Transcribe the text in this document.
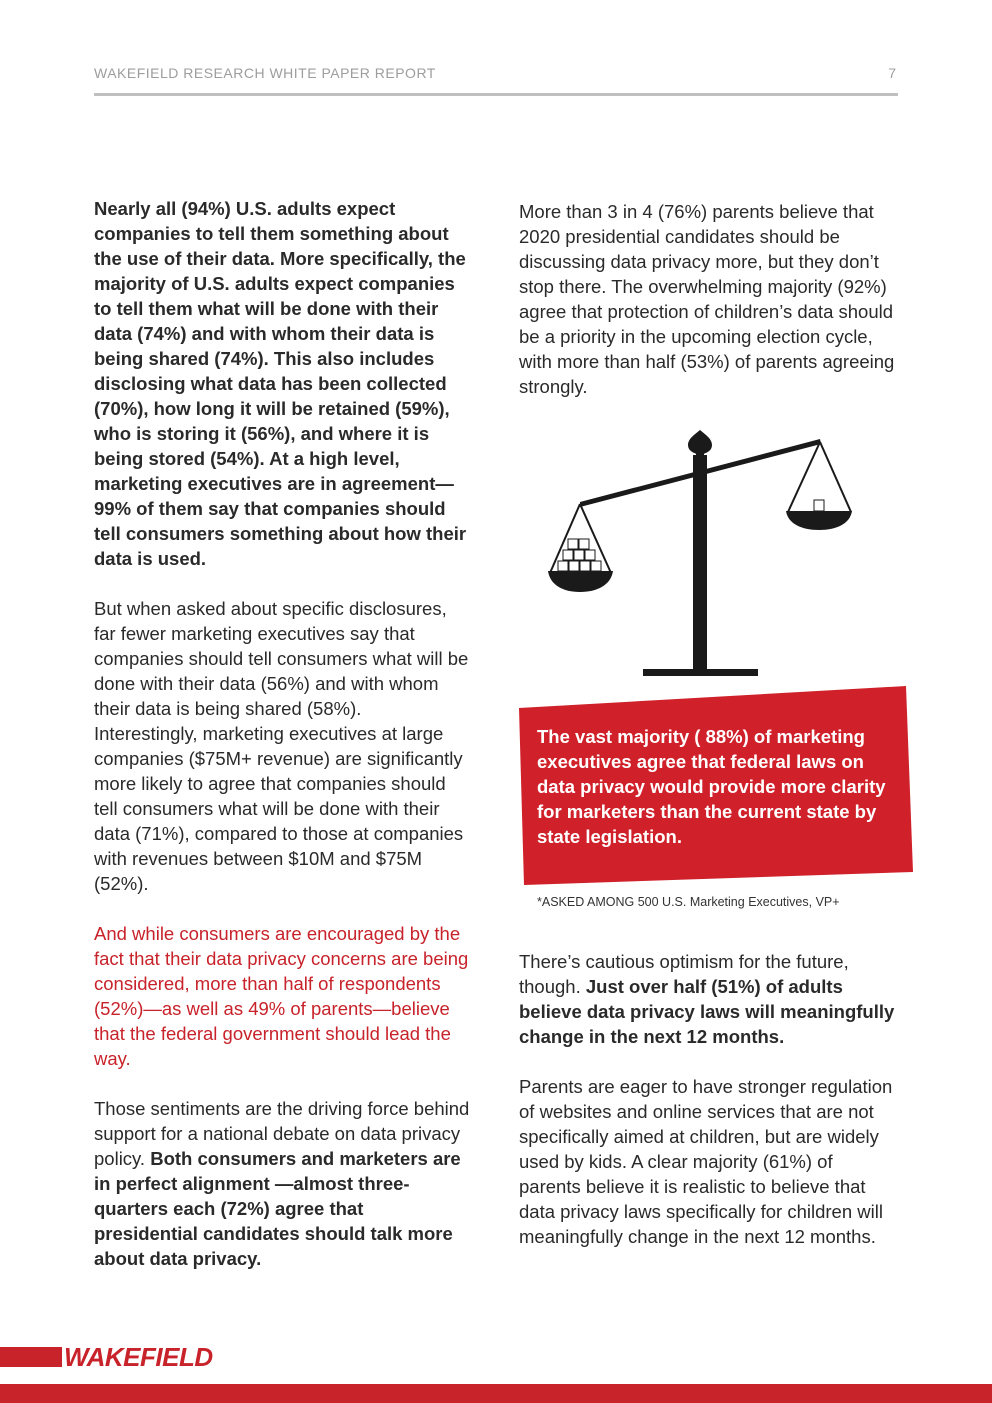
WAKEFIELD RESEARCH WHITE PAPER REPORT	7
Nearly all (94%) U.S. adults expect companies to tell them something about the use of their data. More specifically, the majority of U.S. adults expect companies to tell them what will be done with their data (74%) and with whom their data is being shared (74%). This also includes disclosing what data has been collected (70%), how long it will be retained (59%), who is storing it (56%), and where it is being stored (54%). At a high level, marketing executives are in agreement—99% of them say that companies should tell consumers something about how their data is used.
But when asked about specific disclosures, far fewer marketing executives say that companies should tell consumers what will be done with their data (56%) and with whom their data is being shared (58%). Interestingly, marketing executives at large companies ($75M+ revenue) are significantly more likely to agree that companies should tell consumers what will be done with their data (71%), compared to those at companies with revenues between $10M and $75M (52%).
And while consumers are encouraged by the fact that their data privacy concerns are being considered, more than half of respondents (52%)—as well as 49% of parents—believe that the federal government should lead the way.
Those sentiments are the driving force behind support for a national debate on data privacy policy. Both consumers and marketers are in perfect alignment —almost three-quarters each (72%) agree that presidential candidates should talk more about data privacy.
More than 3 in 4 (76%) parents believe that 2020 presidential candidates should be discussing data privacy more, but they don’t stop there. The overwhelming majority (92%) agree that protection of children’s data should be a priority in the upcoming election cycle, with more than half (53%) of parents agreeing strongly.
The vast majority ( 88%) of marketing executives agree that federal laws on data privacy would provide more clarity for marketers than the current state by state legislation.
*ASKED AMONG 500 U.S. Marketing Executives, VP+
There’s cautious optimism for the future, though. Just over half (51%) of adults believe data privacy laws will meaningfully change in the next 12 months.
Parents are eager to have stronger regulation of websites and online services that are not specifically aimed at children, but are widely used by kids. A clear majority (61%) of parents believe it is realistic to believe that data privacy laws specifically for children will meaningfully change in the next 12 months.
WAKEFIELD
